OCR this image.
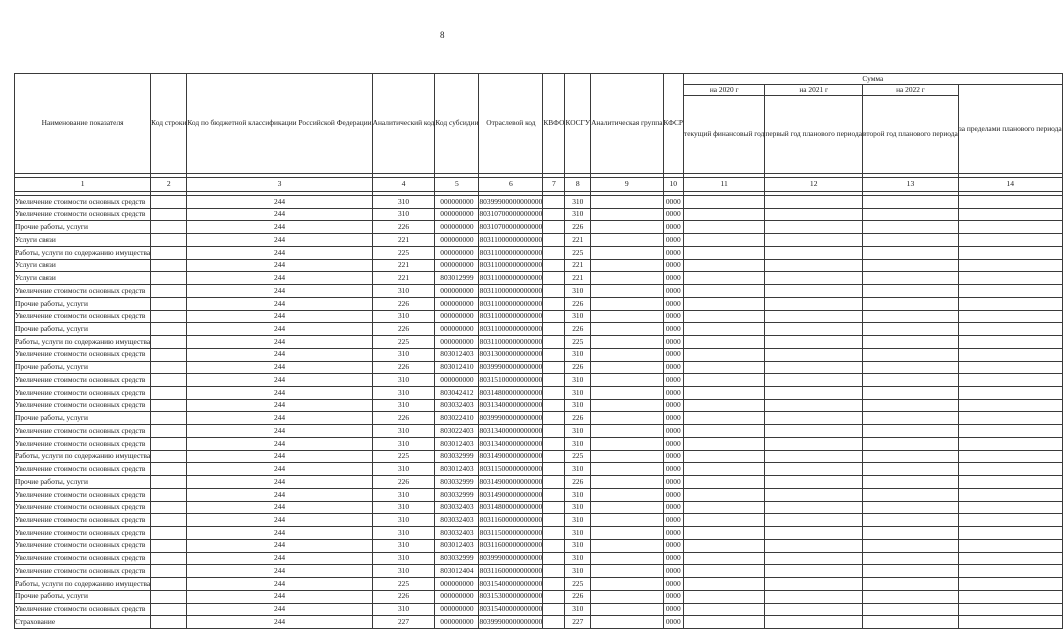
8
Наименование показателя	Код строки	Код по бюджетной классификации Российской Федерации	Аналитический код	Код субсидии	Отраслевой код	КВФО	КОСГУ	Аналитическая группа	КФСР	Сумма			
										на 2020 г	на 2021 г	на 2022 г	за пределами планового периода
										текущий финансовый год	первый год планового периода	второй год планового периода	

1	2	3	4	5	6	7	8	9	10	11	12	13	14

Увеличение стоимости основных средств		244	310	000000000	80399900000000000		310		0000				
Увеличение стоимости основных средств		244	310	000000000	80310700000000000		310		0000				
Прочие работы, услуги		244	226	000000000	80310700000000000		226		0000				
Услуги связи		244	221	000000000	80311000000000000		221		0000				
Работы, услуги по содержанию имущества		244	225	000000000	80311000000000000		225		0000				
Услуги связи		244	221	000000000	80311000000000000		221		0000				
Услуги связи		244	221	803012999	80311000000000000		221		0000				
Увеличение стоимости основных средств		244	310	000000000	80311000000000000		310		0000				
Прочие работы, услуги		244	226	000000000	80311000000000000		226		0000				
Увеличение стоимости основных средств		244	310	000000000	80311000000000000		310		0000				
Прочие работы, услуги		244	226	000000000	80311000000000000		226		0000				
Работы, услуги по содержанию имущества		244	225	000000000	80311000000000000		225		0000				
Увеличение стоимости основных средств		244	310	803012403	80313000000000000		310		0000				
Прочие работы, услуги		244	226	803012410	80399900000000000		226		0000				
Увеличение стоимости основных средств		244	310	000000000	80315100000000000		310		0000				
Увеличение стоимости основных средств		244	310	803042412	80314800000000000		310		0000				
Увеличение стоимости основных средств		244	310	803032403	80313400000000000		310		0000				
Прочие работы, услуги		244	226	803022410	80399900000000000		226		0000				
Увеличение стоимости основных средств		244	310	803022403	80313400000000000		310		0000				
Увеличение стоимости основных средств		244	310	803012403	80313400000000000		310		0000				
Работы, услуги по содержанию имущества		244	225	803032999	80314900000000000		225		0000				
Увеличение стоимости основных средств		244	310	803012403	80311500000000000		310		0000				
Прочие работы, услуги		244	226	803032999	80314900000000000		226		0000				
Увеличение стоимости основных средств		244	310	803032999	80314900000000000		310		0000				
Увеличение стоимости основных средств		244	310	803032403	80314800000000000		310		0000				
Увеличение стоимости основных средств		244	310	803032403	80311600000000000		310		0000				
Увеличение стоимости основных средств		244	310	803032403	80311500000000000		310		0000				
Увеличение стоимости основных средств		244	310	803012403	80311600000000000		310		0000				
Увеличение стоимости основных средств		244	310	803032999	80399900000000000		310		0000				
Увеличение стоимости основных средств		244	310	803012404	80311600000000000		310		0000				
Работы, услуги по содержанию имущества		244	225	000000000	80315400000000000		225		0000				
Прочие работы, услуги		244	226	000000000	80315300000000000		226		0000				
Увеличение стоимости основных средств		244	310	000000000	80315400000000000		310		0000				
Страхование		244	227	000000000	80399900000000000		227		0000				
